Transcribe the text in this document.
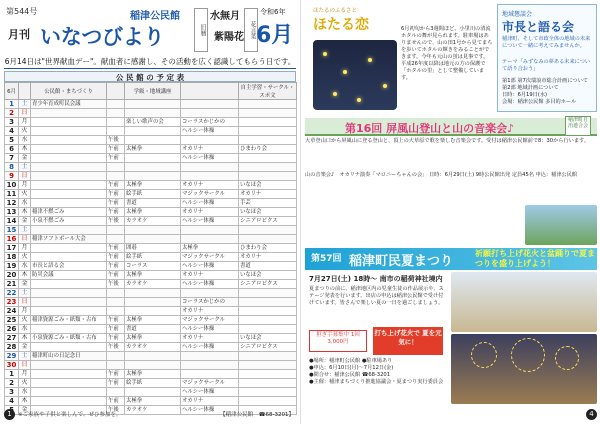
第544号
月刊 いなつびより
稲津公民館
旧暦
水無月
花言葉
紫陽花
令和6年
6月
6月14日は"世界献血デー"。献血者に感謝し、その活動を広く認識してもらう日です。
公 民 館 の 予 定 表
6月		公民館・まちづくり		学級・地域講座		自主学習・サークル・スポ文
1	土	青少年育成町民会議				
2	日					
3	月			楽しい歌声の会	コーラスかじかの	
4	火				ヘルシー体操	
5	水		午後			
6	木		午前	太極拳	オカリナ	ひまわり会
7	金		午前		ヘルシー体操	
8	土					
9	日					
10	月		午前	太極拳	オカリナ	いなほ会
11	火		午前	絵手紙	マジックサークル	オカリナ
12	水		午前	書道	ヘルシー体操	手芸
13	木	稲津不燃ごみ	午前	太極拳	オカリナ	いなほ会
14	金	小泉不燃ごみ	午後	カラオケ	ヘルシー体操	シニアロビクス
15	土					
16	日	稲津ソフトボール大会				
17	月		午前	囲碁	太極拳	ひまわり会
18	火		午前	絵手紙	マジックサークル	オカリナ
19	水	市長と語る会	午前	コーラス	ヘルシー体操	書道
20	木	防災会議	午前	太極拳	オカリナ	いなほ会
21	金		午後	カラオケ	ヘルシー体操	シニアロビクス
22	土					
23	日				コーラスかじかの	
24	月				オカリナ	
25	火	稲津資源ごみ・紙類・古布	午前	太極拳	マジックサークル	
26	水		午前	書道	ヘルシー体操	
27	木	小泉資源ごみ・紙類・古布	午前	太極拳	オカリナ	いなほ会
28	金		午後	カラオケ	ヘルシー体操	シニアロビクス
29	土	稲津町山の日記念日				
30	日					
1	月		午前	太極拳		
2	火		午前	絵手紙	マジックサークル	
3	水				ヘルシー体操	
4	木		午前	太極拳	オカリナ	
	金		午後	カラオケ	ヘルシー体操	
1	※ご家族や子供と楽しんで、ぜひ参加を。	【稲津公民館　☎68-3201】
ほたるのふるさと
ほたる恋	6月初旬から3週間ほど、小里川の清流ホタルの舞が見られます。駐車場はありませんので、山の田1号から見てまちを歩いてホタルの輝きをみることができます。今年も元山の蛍は見事です。平成26年度以降は地元の方の保護で「ホタルの里」として整備しています。
地域懇談会
市長と語る会
稲津町、そして市政全体の地域の未来について一緒に考えてみませんか。
テーマ「みずなみの夢ある未来について語り合おう」
第1部 第7次瑞浪市総合計画について
第2部 地域計画について
日時：6月19日(水)
会場：稲津公民館 多目的ホール
第16回 屏風山登山と山の音楽会♪
稲津町自治連合会
大草登山口から屏風山に登る登山と、頂上の大草原で歌を楽しむ音楽会です。受付は稲津公民館前で8：30から行います。
山の音楽会♪　オカリナ演奏「マロニーちゃんの会」 日時：6月29日(土) 9時公民館出発 定員45名 申込：稲津公民館
第57回 稲津町民夏まつり
祈願打ち上げ花火と盆踊りで夏まつりを盛り上げよう！
7月27日(土) 18時〜 南市の稲荷神社境内
夏まつりの前に、稲津地区内の児童生徒の作品展示や、ステージ発表を行います。出店の申込は稲津公民館で受け付けています。皆さんで楽しい夏の一日を過ごしましょう。
担ぎ手募集中 1回 3,000円
打ち上げ花火で 夏を元気に！
●場所：稲津町公民館 ●駐車場あり
●申込：6月10日(月)〜7月12日(金)
●問合せ：稲津公民館 ☎68-3201
●主催：稲津まちづくり推進協議会・夏まつり実行委員会
4
